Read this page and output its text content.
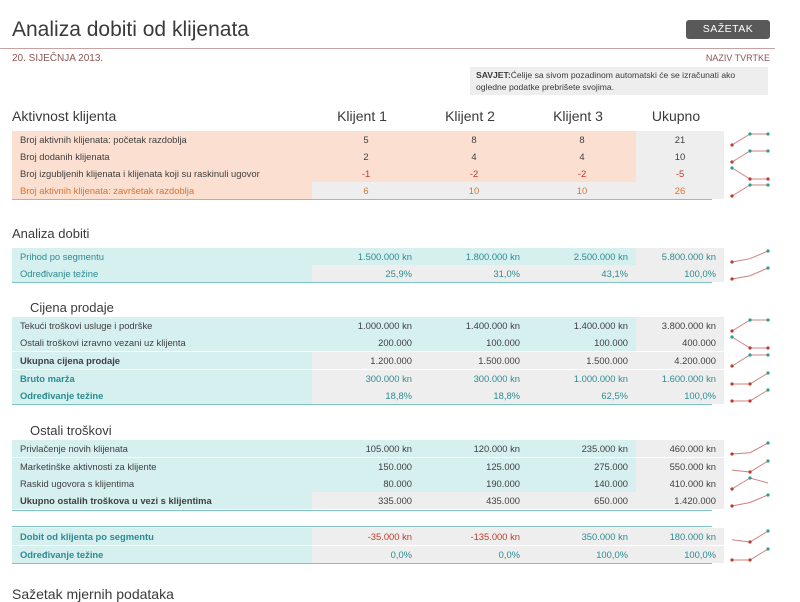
Analiza dobiti od klijenata	SAŽETAK
20. SIJEČNJA 2013.	NAZIV TVRTKE
SAVJET:Ćelije sa sivom pozadinom automatski će se izračunati ako ogledne podatke prebrišete svojima.
Aktivnost klijenta	Klijent 1	Klijent 2	Klijent 3	Ukupno
Broj aktivnih klijenata: početak razdoblja	5	8	8	21
Broj dodanih klijenata	2	4	4	10
Broj izgubljenih klijenata i klijenata koji su raskinuli ugovor	-1	-2	-2	-5
Broj aktivnih klijenata: završetak razdoblja	6	10	10	26
Analiza dobiti
Prihod po segmentu	1.500.000 kn	1.800.000 kn	2.500.000 kn	5.800.000 kn
Određivanje težine	25,9%	31,0%	43,1%	100,0%
Cijena prodaje
Tekući troškovi usluge i podrške	1.000.000 kn	1.400.000 kn	1.400.000 kn	3.800.000 kn
Ostali troškovi izravno vezani uz klijenta	200.000	100.000	100.000	400.000
Ukupna cijena prodaje	1.200.000	1.500.000	1.500.000	4.200.000
Bruto marža	300.000 kn	300.000 kn	1.000.000 kn	1.600.000 kn
Određivanje težine	18,8%	18,8%	62,5%	100,0%
Ostali troškovi
Privlačenje novih klijenata	105.000 kn	120.000 kn	235.000 kn	460.000 kn
Marketinške aktivnosti za klijente	150.000	125.000	275.000	550.000 kn
Raskid ugovora s klijentima	80.000	190.000	140.000	410.000 kn
Ukupno ostalih troškova u vezi s klijentima	335.000	435.000	650.000	1.420.000
Dobit od klijenta po segmentu	-35.000 kn	-135.000 kn	350.000 kn	180.000 kn
Određivanje težine	0,0%	0,0%	100,0%	100,0%
Sažetak mjernih podataka
